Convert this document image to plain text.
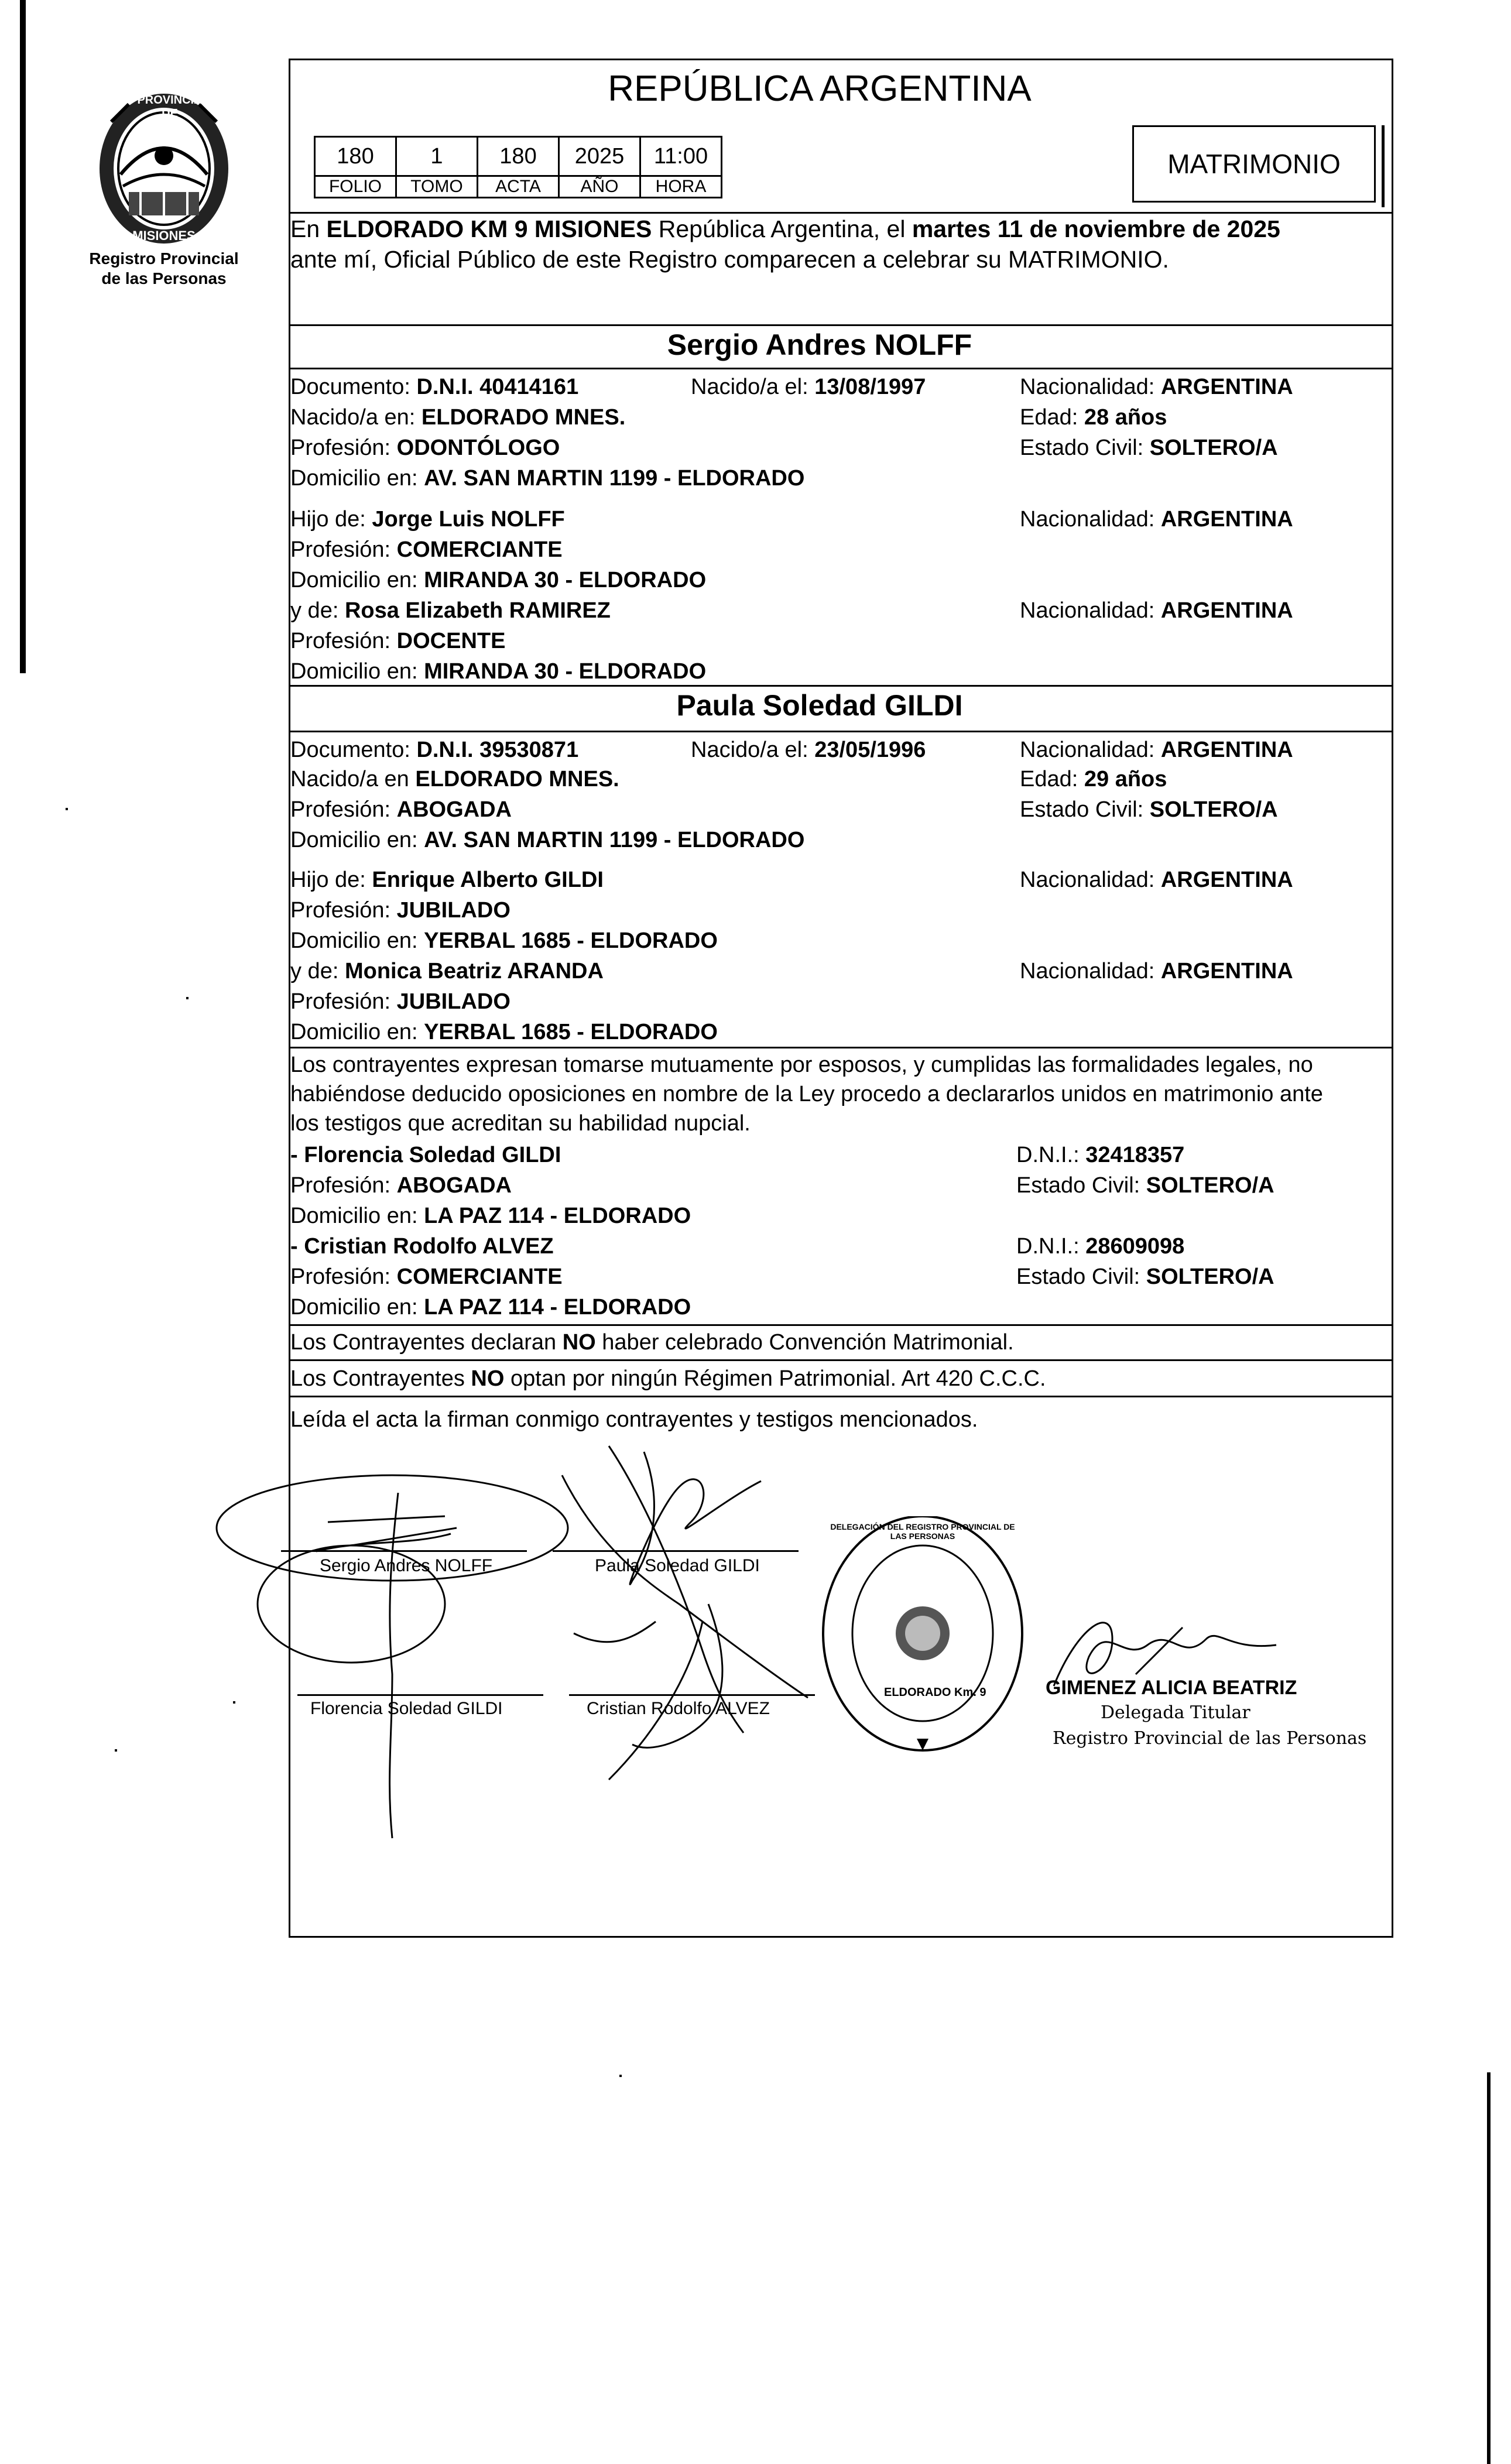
PROVINCIA DE
MISIONES
Registro Provincial
de las Personas
REPÚBLICA ARGENTINA
180	1	180	2025	11:00
FOLIO	TOMO	ACTA	AÑO	HORA
MATRIMONIO
En ELDORADO KM 9 MISIONES República Argentina, el martes 11 de noviembre de 2025
ante mí, Oficial Público de este Registro comparecen a celebrar su MATRIMONIO.
Sergio Andres NOLFF
Documento: D.N.I. 40414161	Nacido/a el: 13/08/1997	Nacionalidad: ARGENTINA
Nacido/a en: ELDORADO MNES.	Edad: 28 años
Profesión: ODONTÓLOGO	Estado Civil: SOLTERO/A
Domicilio en: AV. SAN MARTIN 1199 - ELDORADO
Hijo de: Jorge Luis NOLFF	Nacionalidad: ARGENTINA
Profesión: COMERCIANTE
Domicilio en: MIRANDA 30 - ELDORADO
y de: Rosa Elizabeth RAMIREZ	Nacionalidad: ARGENTINA
Profesión: DOCENTE
Domicilio en: MIRANDA 30 - ELDORADO
Paula Soledad GILDI
Documento: D.N.I. 39530871	Nacido/a el: 23/05/1996	Nacionalidad: ARGENTINA
Nacido/a en ELDORADO MNES.	Edad: 29 años
Profesión: ABOGADA	Estado Civil: SOLTERO/A
Domicilio en: AV. SAN MARTIN 1199 - ELDORADO
Hijo de: Enrique Alberto GILDI	Nacionalidad: ARGENTINA
Profesión: JUBILADO
Domicilio en: YERBAL 1685 - ELDORADO
y de: Monica Beatriz ARANDA	Nacionalidad: ARGENTINA
Profesión: JUBILADO
Domicilio en: YERBAL 1685 - ELDORADO
Los contrayentes expresan tomarse mutuamente por esposos, y cumplidas las formalidades legales, no
habiéndose deducido oposiciones en nombre de la Ley procedo a declararlos unidos en matrimonio ante
los testigos que acreditan su habilidad nupcial.
- Florencia Soledad GILDI	D.N.I.: 32418357
Profesión: ABOGADA	Estado Civil: SOLTERO/A
Domicilio en: LA PAZ 114 - ELDORADO
- Cristian Rodolfo ALVEZ	D.N.I.: 28609098
Profesión: COMERCIANTE	Estado Civil: SOLTERO/A
Domicilio en: LA PAZ 114 - ELDORADO
Los Contrayentes declaran NO haber celebrado Convención Matrimonial.
Los Contrayentes NO optan por ningún Régimen Patrimonial. Art 420 C.C.C.
Leída el acta la firman conmigo contrayentes y testigos mencionados.
Sergio Andres NOLFF	Paula Soledad GILDI
Florencia Soledad GILDI	Cristian Rodolfo ALVEZ
DELEGACIÓN DEL REGISTRO PROVINCIAL DE LAS PERSONAS
ELDORADO Km. 9	GIMENEZ ALICIA BEATRIZ
Delegada Titular
Registro Provincial de las Personas
